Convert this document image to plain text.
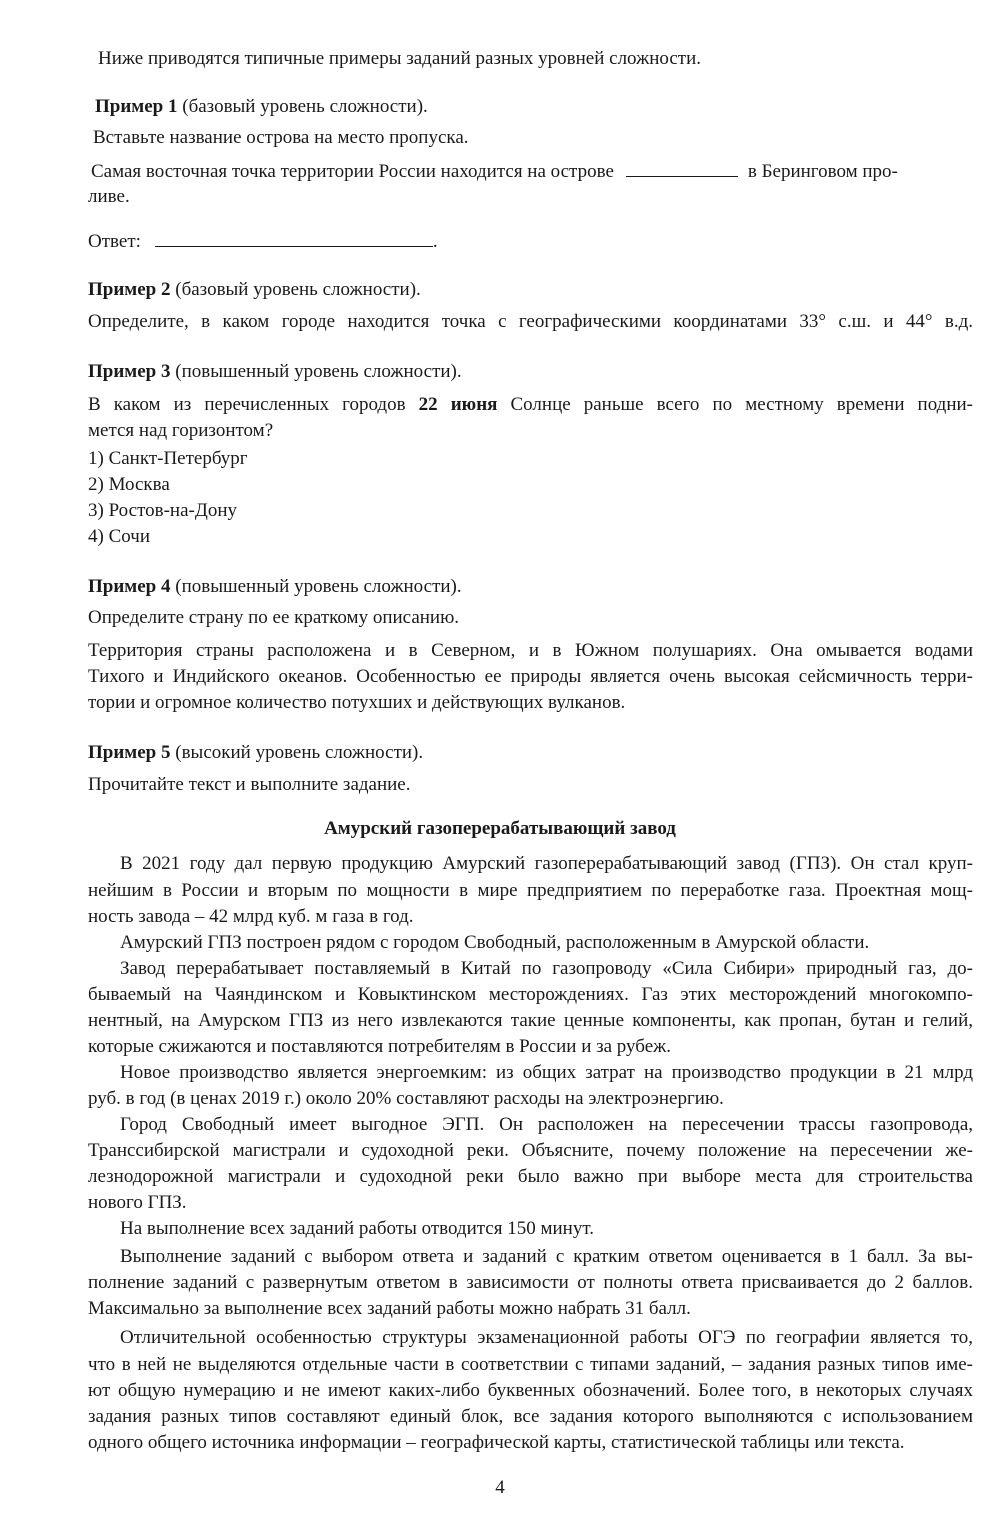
Ниже приводятся типичные примеры заданий разных уровней сложности.

Пример 1 (базовый уровень сложности).

Вставьте название острова на место пропуска.

Самая восточная точка территории России находится на острове	в Беринговом про-

ливе.

Ответ:	.

Пример 2 (базовый уровень сложности).

Определите, в каком городе находится точка с географическими координатами 33° с.ш. и 44° в.д.

Пример 3 (повышенный уровень сложности).

В каком из перечисленных городов 22 июня Солнце раньше всего по местному времени подни-

мется над горизонтом?

1) Санкт-Петербург

2) Москва

3) Ростов-на-Дону

4) Сочи

Пример 4 (повышенный уровень сложности).

Определите страну по ее краткому описанию.

Территория страны расположена и в Северном, и в Южном полушариях. Она омывается водами

Тихого и Индийского океанов. Особенностью ее природы является очень высокая сейсмичность терри-

тории и огромное количество потухших и действующих вулканов.

Пример 5 (высокий уровень сложности).

Прочитайте текст и выполните задание.

Амурский газоперерабатывающий завод

В 2021 году дал первую продукцию Амурский газоперерабатывающий завод (ГПЗ). Он стал круп-

нейшим в России и вторым по мощности в мире предприятием по переработке газа. Проектная мощ-

ность завода – 42 млрд куб. м газа в год.

Амурский ГПЗ построен рядом с городом Свободный, расположенным в Амурской области.

Завод перерабатывает поставляемый в Китай по газопроводу «Сила Сибири» природный газ, до-

бываемый на Чаяндинском и Ковыктинском месторождениях. Газ этих месторождений многокомпо-

нентный, на Амурском ГПЗ из него извлекаются такие ценные компоненты, как пропан, бутан и гелий,

которые сжижаются и поставляются потребителям в России и за рубеж.

Новое производство является энергоемким: из общих затрат на производство продукции в 21 млрд

руб. в год (в ценах 2019 г.) около 20% составляют расходы на электроэнергию.

Город Свободный имеет выгодное ЭГП. Он расположен на пересечении трассы газопровода,

Транссибирской магистрали и судоходной реки. Объясните, почему положение на пересечении же-

лезнодорожной магистрали и судоходной реки было важно при выборе места для строительства

нового ГПЗ.

На выполнение всех заданий работы отводится 150 минут.

Выполнение заданий с выбором ответа и заданий с кратким ответом оценивается в 1 балл. За вы-

полнение заданий с развернутым ответом в зависимости от полноты ответа присваивается до 2 баллов.

Максимально за выполнение всех заданий работы можно набрать 31 балл.

Отличительной особенностью структуры экзаменационной работы ОГЭ по географии является то,

что в ней не выделяются отдельные части в соответствии с типами заданий, – задания разных типов име-

ют общую нумерацию и не имеют каких-либо буквенных обозначений. Более того, в некоторых случаях

задания разных типов составляют единый блок, все задания которого выполняются с использованием

одного общего источника информации – географической карты, статистической таблицы или текста.

4
